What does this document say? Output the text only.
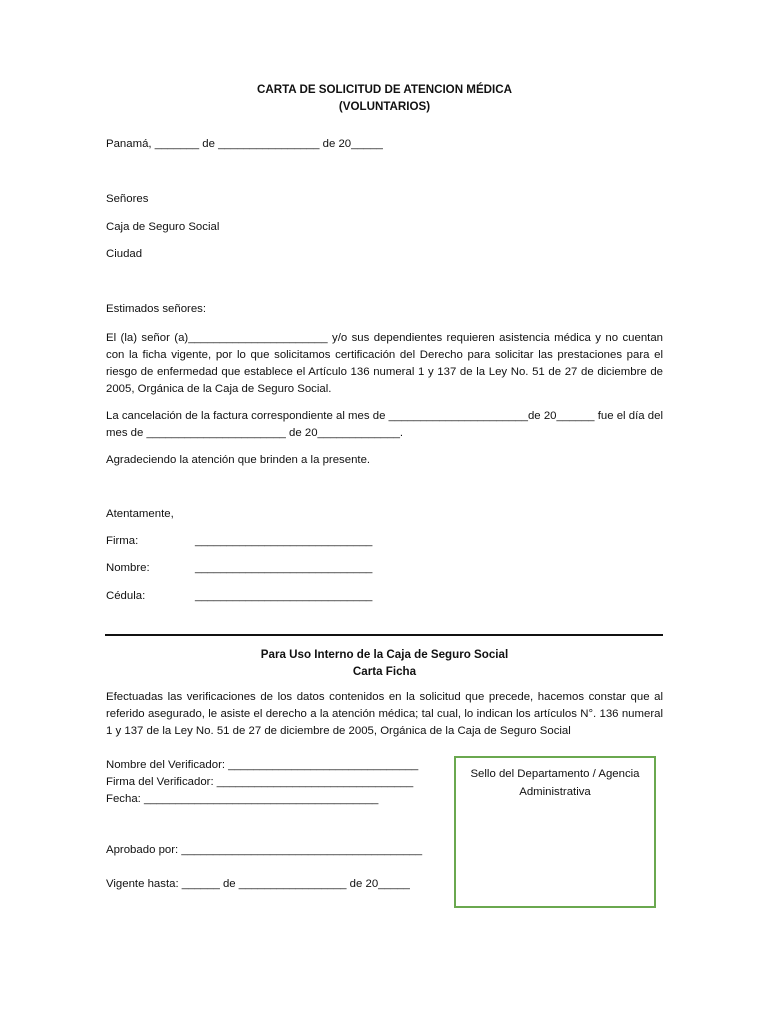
CARTA DE SOLICITUD DE ATENCION MÉDICA
(VOLUNTARIOS)
Panamá, _______ de ________________ de 20_____
Señores
Caja de Seguro Social
Ciudad
Estimados señores:
El (la) señor (a)______________________ y/o sus dependientes requieren asistencia médica y no cuentan con la ficha vigente, por lo que solicitamos certificación del Derecho para solicitar las prestaciones para el riesgo de enfermedad que establece el Artículo 136 numeral 1 y 137 de la Ley No. 51 de 27 de diciembre de 2005, Orgánica de la Caja de Seguro Social.
La cancelación de la factura correspondiente al mes de ______________________de 20______ fue el día del mes de ______________________ de 20_____________.
Agradeciendo la atención que brinden a la presente.
Atentamente,
Firma:	____________________________
Nombre:	____________________________
Cédula:	____________________________
Para Uso Interno de la Caja de Seguro Social
Carta Ficha
Efectuadas las verificaciones de los datos contenidos en la solicitud que precede, hacemos constar que al referido asegurado, le asiste el derecho a la atención médica; tal cual, lo indican los artículos N°. 136 numeral 1 y 137 de la Ley No. 51 de 27 de diciembre de 2005, Orgánica de la Caja de Seguro Social
Nombre del Verificador: ______________________________
Firma del Verificador: _______________________________
Fecha: _____________________________________
Aprobado por: ______________________________________
Vigente hasta: ______ de _________________ de 20_____
Sello del Departamento / Agencia
Administrativa
